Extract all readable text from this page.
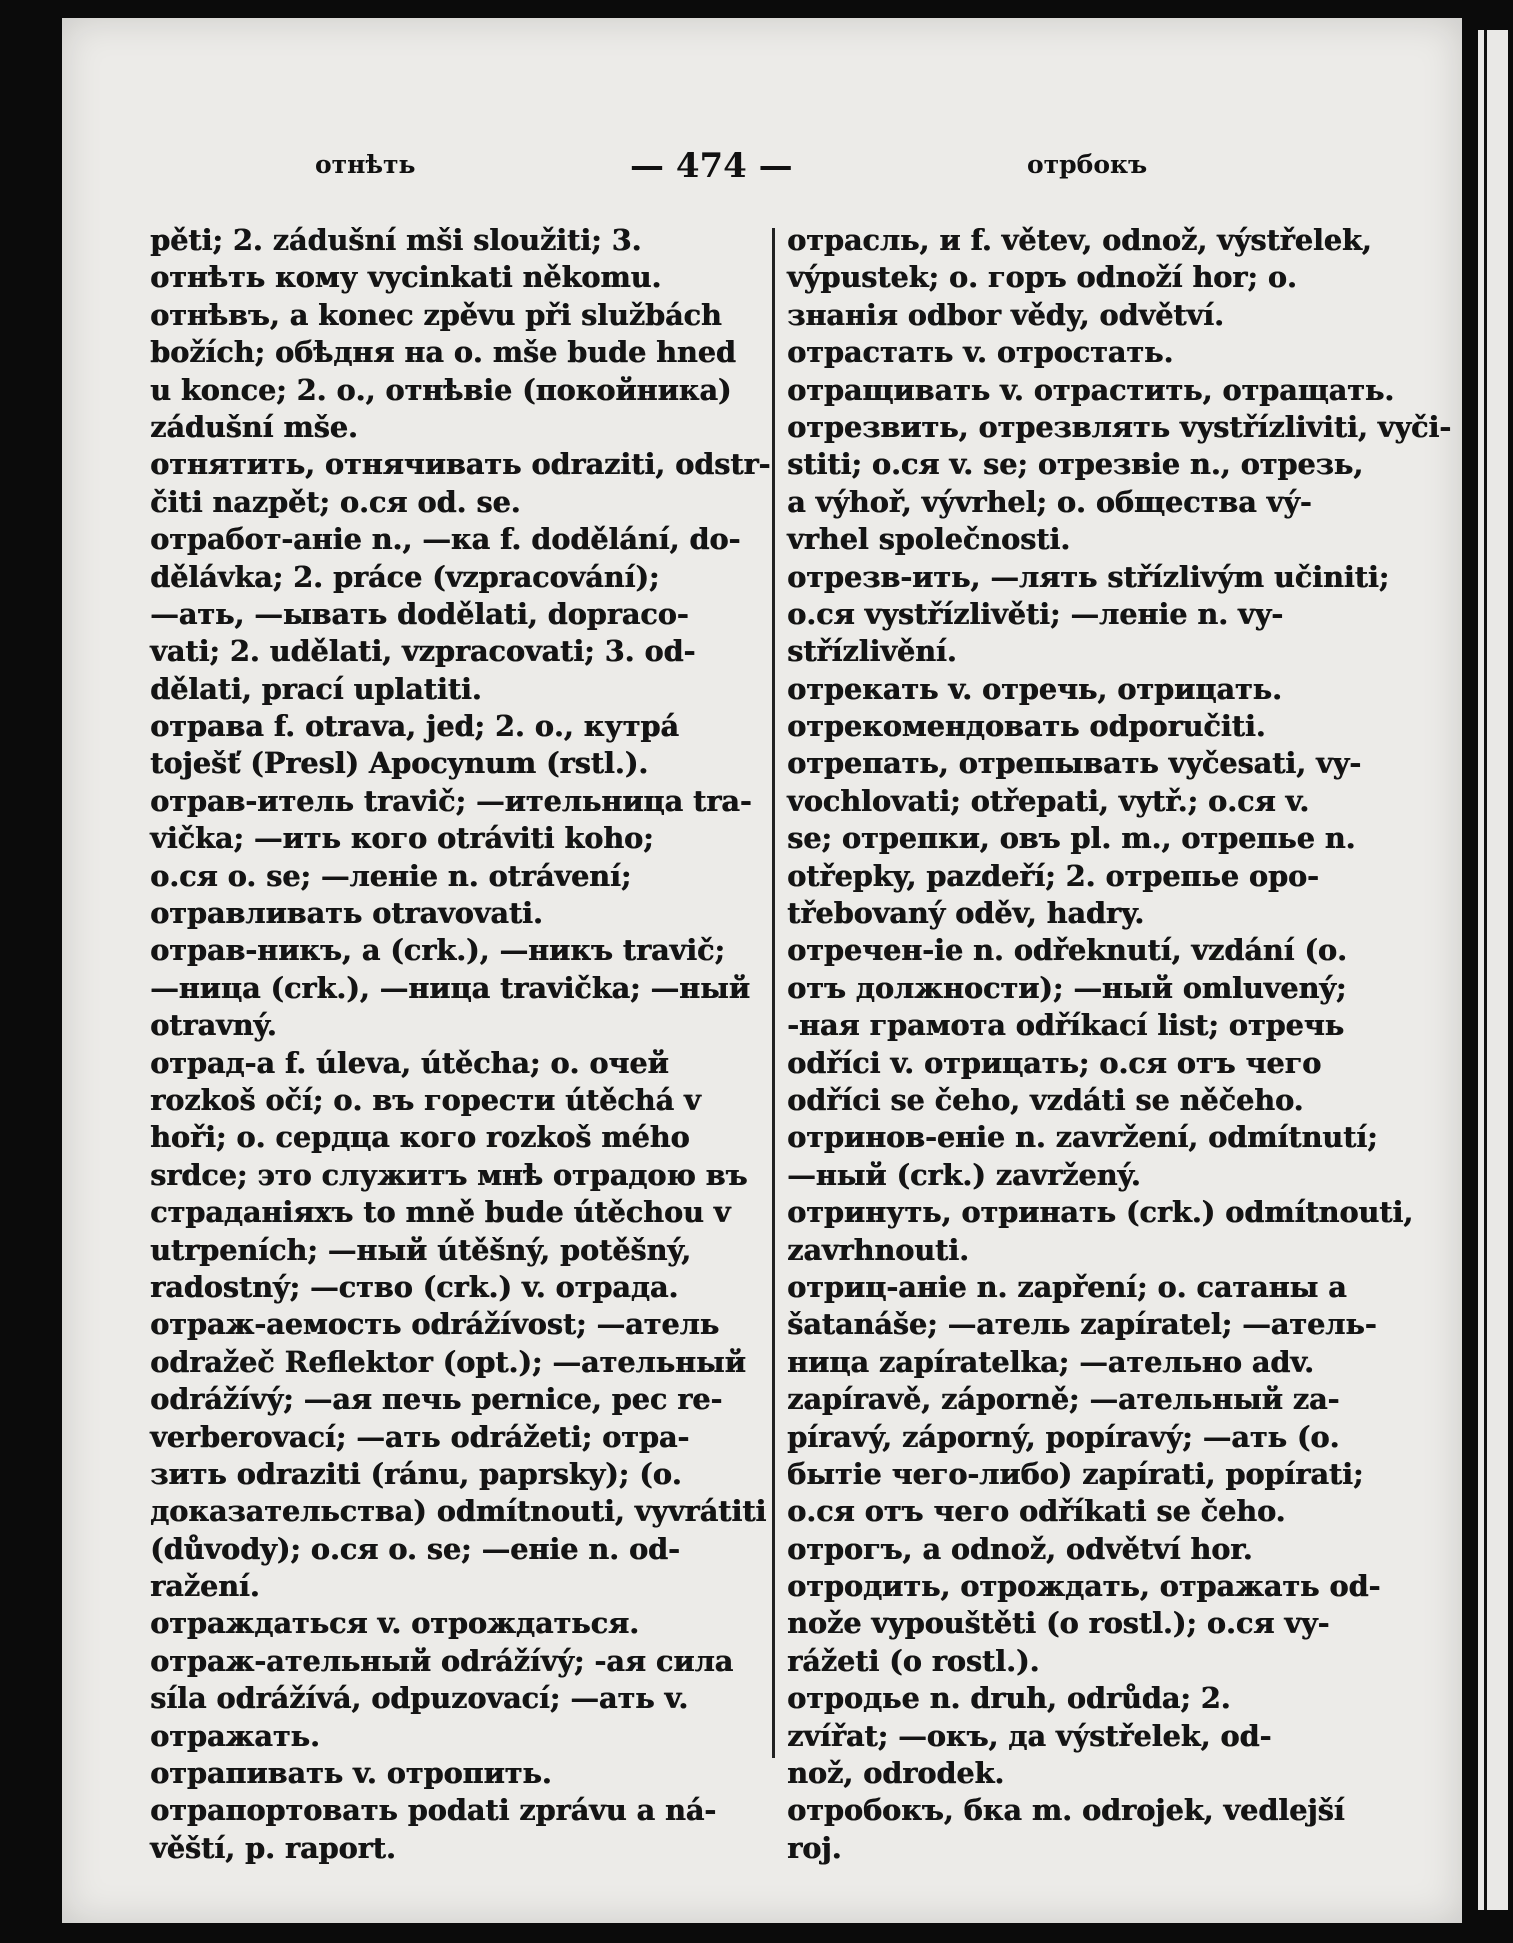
отнѣть	— 474 —	отрбокъ
pěti; 2. zádušní mši sloužiti; 3.
отнѣть кому vycinkati někomu.
отнѣвъ, а konec zpěvu při službách
božích; обѣдня на о. mše bude hned
u konce; 2. о., отнѣвіе (покойника)
zádušní mše.
отнятить, отнячивать odraziti, odstr-
čiti nazpět; о.ся od. se.
отработ-аніе n., —ка f. dodělání, do-
dělávka; 2. práce (vzpracování);
—ать, —ывать dodělati, dopraco-
vati; 2. udělati, vzpracovati; 3. od-
dělati, prací uplatiti.
отрава f. otrava, jed; 2. о., кутрá
toješť (Presl) Apocynum (rstl.).
отрав-итель travič; —ительница tra-
vička; —ить кого otráviti koho;
о.ся o. se; —леніе n. otrávení;
отравливать otravovati.
отрав-никъ, а (crk.), —никъ travič;
—ница (crk.), —ница travička; —ный
otravný.
отрад-а f. úleva, útěcha; о. очей
rozkoš očí; о. въ горести útěchá v
hoři; о. сердца кого rozkoš mého
srdce; это служитъ мнѣ отрадою въ
страданіяхъ to mně bude útěchou v
utrpeních; —ный útěšný, potěšný,
radostný; —ство (crk.) v. отрада.
отраж-аемость odrážívost; —атель
odražeč Reflektor (opt.); —ательный
odrážívý; —ая печь pernice, pec re-
verberovací; —ать odrážeti; отра-
зить odraziti (ránu, paprsky); (о.
доказательства) odmítnouti, vyvrátiti
(důvody); о.ся o. se; —еніе n. od-
ražení.
отраждаться v. отрождаться.
отраж-ательный odrážívý; -ая сила
síla odrážívá, odpuzovací; —ать v.
отражать.
отрапивать v. отропить.
отрапортовать podati zprávu a ná-
věští, p. raport.
отрасль, и f. větev, odnož, výstřelek,
výpustek; о. горъ odnoží hor; о.
знанія odbor vědy, odvětví.
отрастать v. отростать.
отращивать v. отрастить, отращать.
отрезвить, отрезвлять vystřízliviti, vyči-
stiti; о.ся v. se; отрезвіе n., отрезь,
a výhoř, vývrhel; о. общества vý-
vrhel společnosti.
отрезв-ить, —лять střízlivým učiniti;
о.ся vystřízlivěti; —леніе n. vy-
střízlivění.
отрекать v. отречь, отрицать.
отрекомендовать odporučiti.
отрепать, отрепывать vyčesati, vy-
vochlovati; otřepati, vytř.; о.ся v.
se; отрепки, овъ pl. m., отрепье n.
otřepky, pazdeří; 2. отрепье opo-
třebovaný oděv, hadry.
отречен-іе n. odřeknutí, vzdání (о.
отъ должности); —ный omluvený;
-ная грамота odříkací list; отречь
odříci v. отрицать; о.ся отъ чего
odříci se čeho, vzdáti se něčeho.
отринов-еніе n. zavržení, odmítnutí;
—ный (crk.) zavržený.
отринуть, отринать (crk.) odmítnouti,
zavrhnouti.
отриц-аніе n. zapření; о. сатаны a
šatanáše; —атель zapíratel; —атель-
ница zapíratelka; —ательно adv.
zapíravě, záporně; —ательный za-
píravý, záporný, popíravý; —ать (о.
бытіе чего-либо) zapírati, popírati;
о.ся отъ чего odříkati se čeho.
отрогъ, а odnož, odvětví hor.
отродить, отрождать, отражать od-
nože vypouštěti (o rostl.); о.ся vy-
rážeti (o rostl.).
отродье n. druh, odrůda; 2.
zvířat; —окъ, да výstřelek, od-
nož, odrodek.
отробокъ, бка m. odrojek, vedlejší
roj.
